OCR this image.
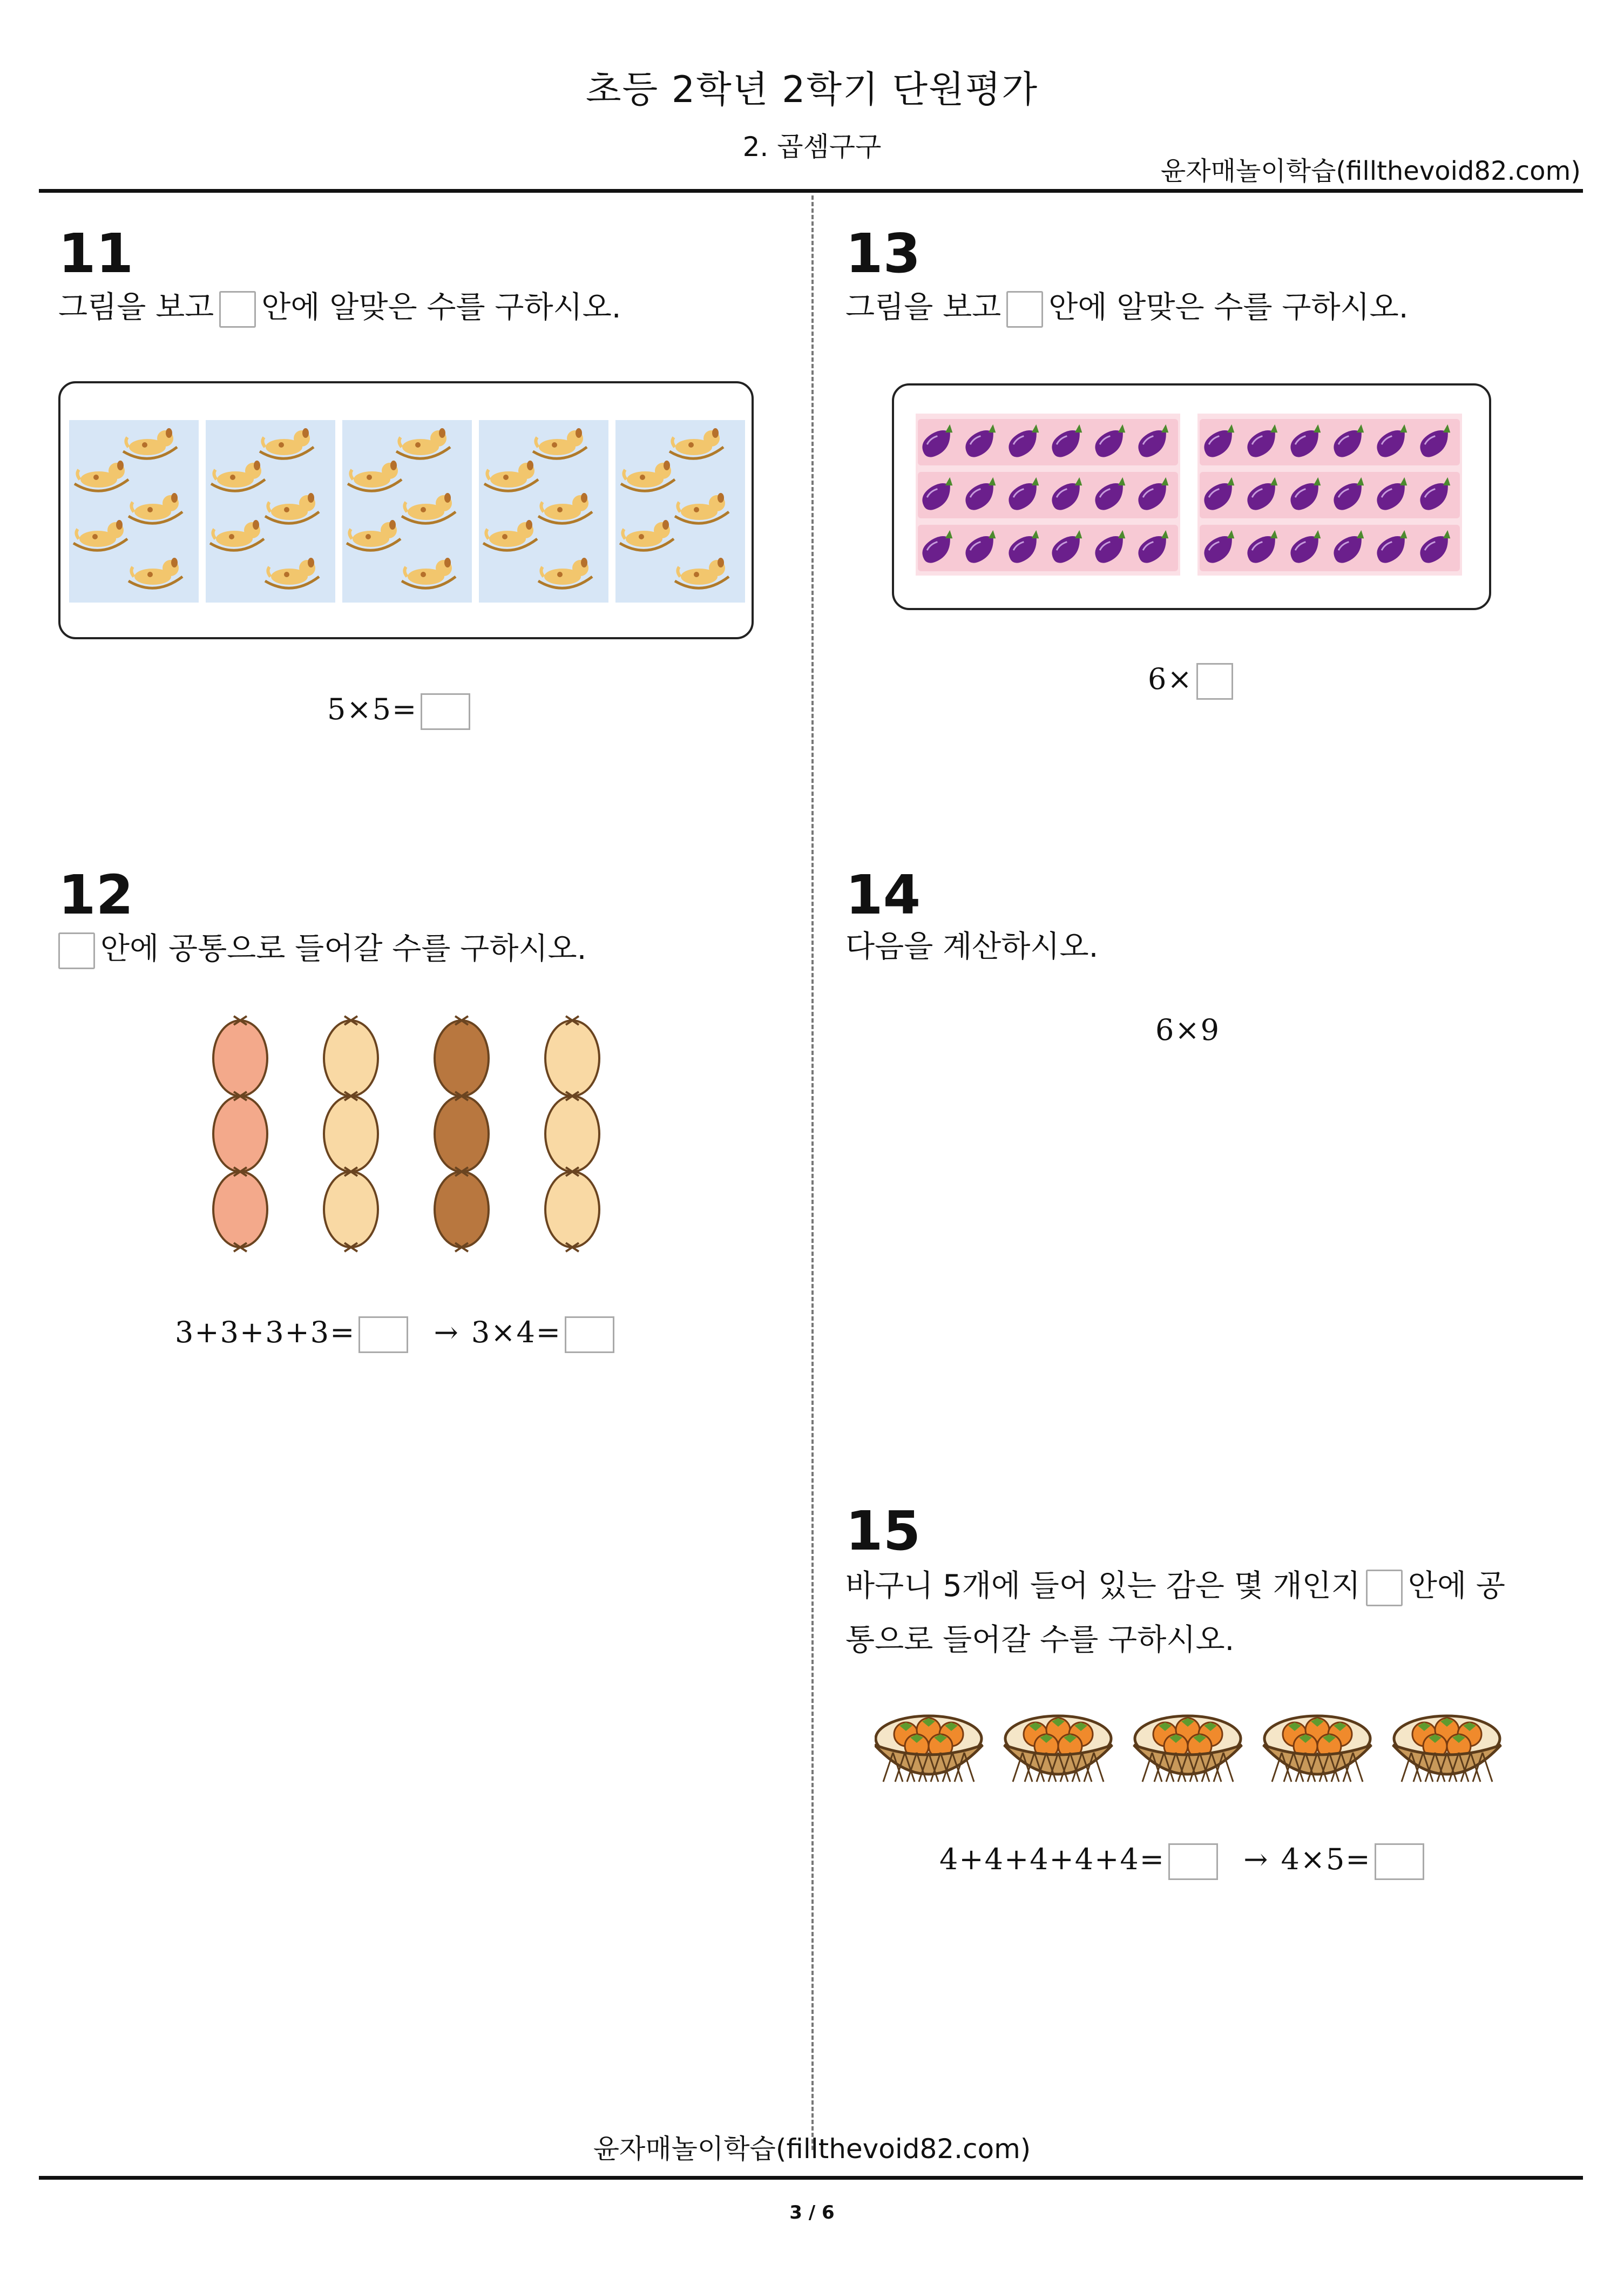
초등 2학년 2학기 단원평가
2. 곱셈구구
윤자매놀이학습(fillthevoid82.com)
11
그림을 보고 안에 알맞은 수를 구하시오.
5×5=
12
안에 공통으로 들어갈 수를 구하시오.
3+3+3+3=	→ 3×4=
13
그림을 보고 안에 알맞은 수를 구하시오.
6×
14
다음을 계산하시오.
6×9
15
바구니 5개에 들어 있는 감은 몇 개인지 안에 공
통으로 들어갈 수를 구하시오.
4+4+4+4+4=	→ 4×5=
윤자매놀이학습(fillthevoid82.com)
3 / 6
